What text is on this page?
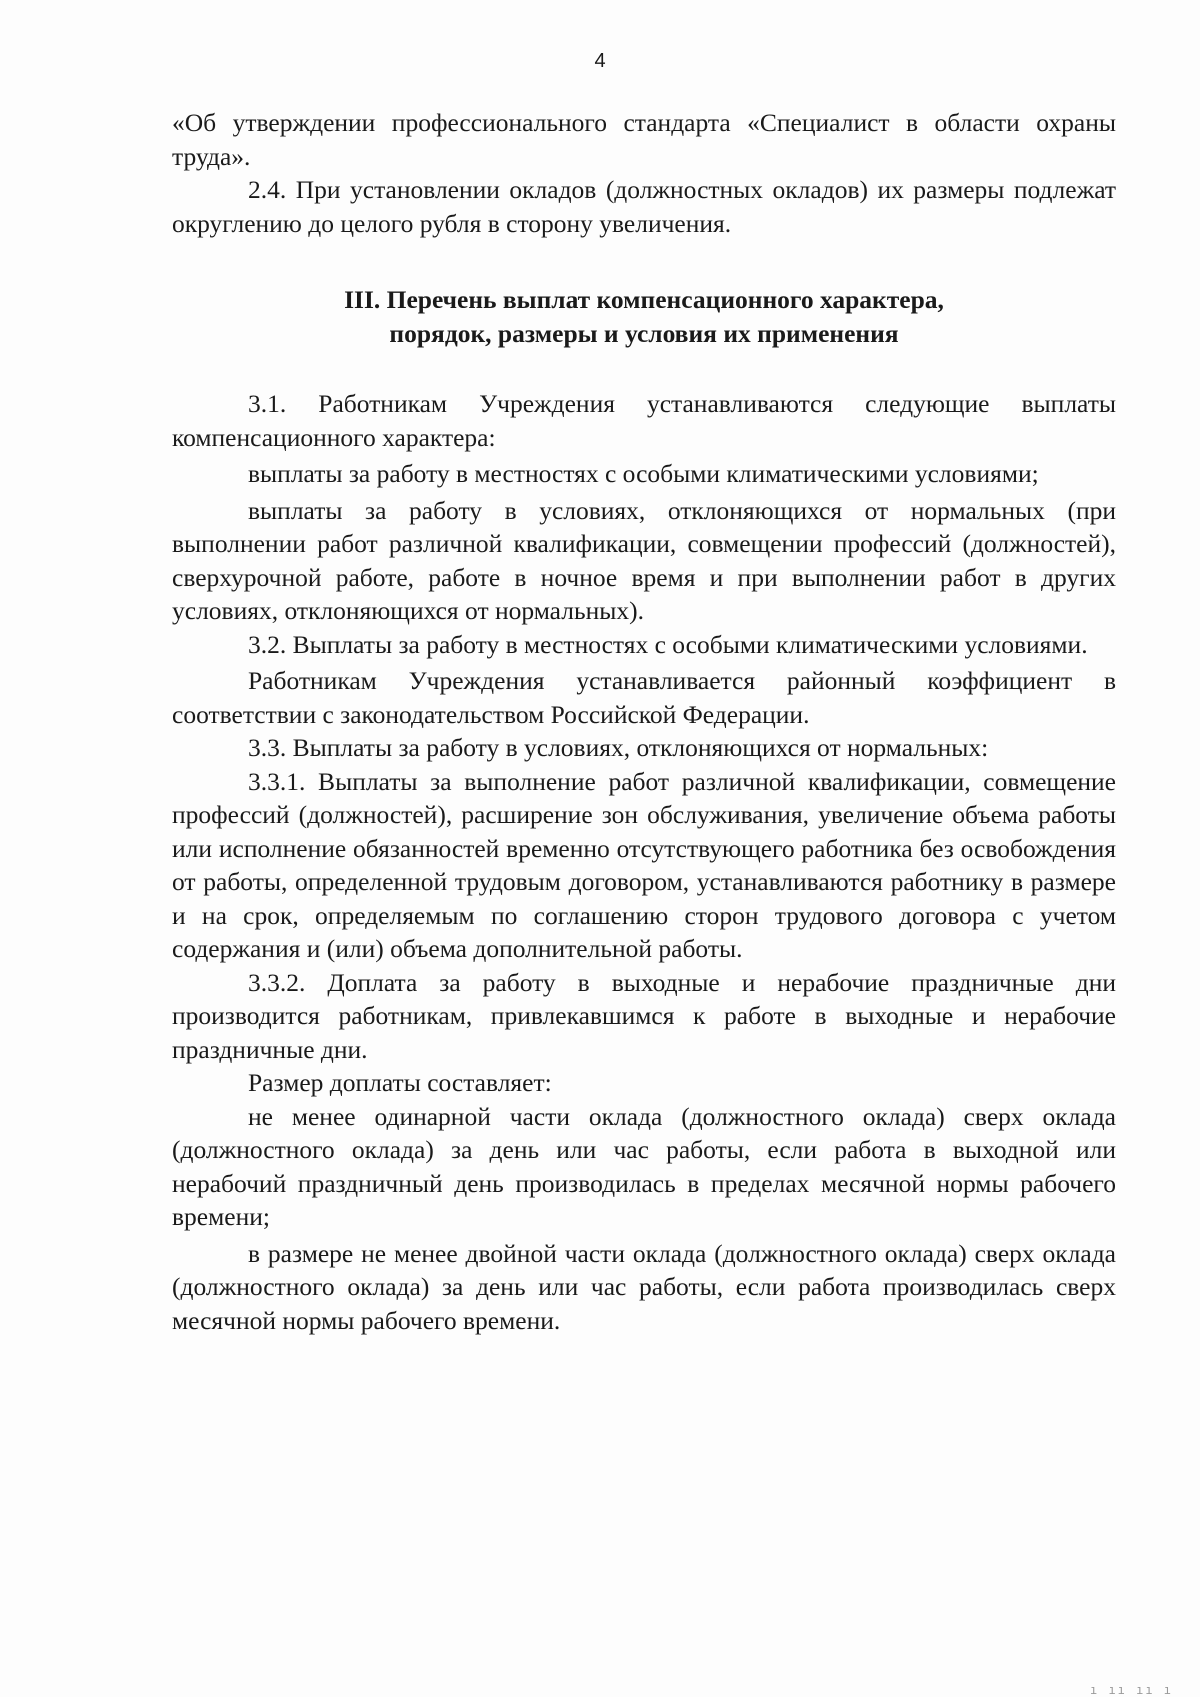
4

«Об утверждении профессионального стандарта «Специалист в области охраны труда».

2.4. При установлении окладов (должностных окладов) их размеры подлежат округлению до целого рубля в сторону увеличения.

III. Перечень выплат компенсационного характера,
порядок, размеры и условия их применения

3.1. Работникам Учреждения устанавливаются следующие выплаты компенсационного характера:

выплаты за работу в местностях с особыми климатическими условиями;

выплаты за работу в условиях, отклоняющихся от нормальных (при выполнении работ различной квалификации, совмещении профессий (должностей), сверхурочной работе, работе в ночное время и при выполнении работ в других условиях, отклоняющихся от нормальных).

3.2. Выплаты за работу в местностях с особыми климатическими условиями.

Работникам Учреждения устанавливается районный коэффициент в соответствии с законодательством Российской Федерации.

3.3. Выплаты за работу в условиях, отклоняющихся от нормальных:

3.3.1. Выплаты за выполнение работ различной квалификации, совмещение профессий (должностей), расширение зон обслуживания, увеличение объема работы или исполнение обязанностей временно отсутствующего работника без освобождения от работы, определенной трудовым договором, устанавливаются работнику в размере и на срок, определяемым по соглашению сторон трудового договора с учетом содержания и (или) объема дополнительной работы.

3.3.2. Доплата за работу в выходные и нерабочие праздничные дни производится работникам, привлекавшимся к работе в выходные и нерабочие праздничные дни.

Размер доплаты составляет:

не менее одинарной части оклада (должностного оклада) сверх оклада (должностного оклада) за день или час работы, если работа в выходной или нерабочий праздничный день производилась в пределах месячной нормы рабочего времени;

в размере не менее двойной части оклада (должностного оклада) сверх оклада (должностного оклада) за день или час работы, если работа производилась сверх месячной нормы рабочего времени.

ı ıı ıı ı
